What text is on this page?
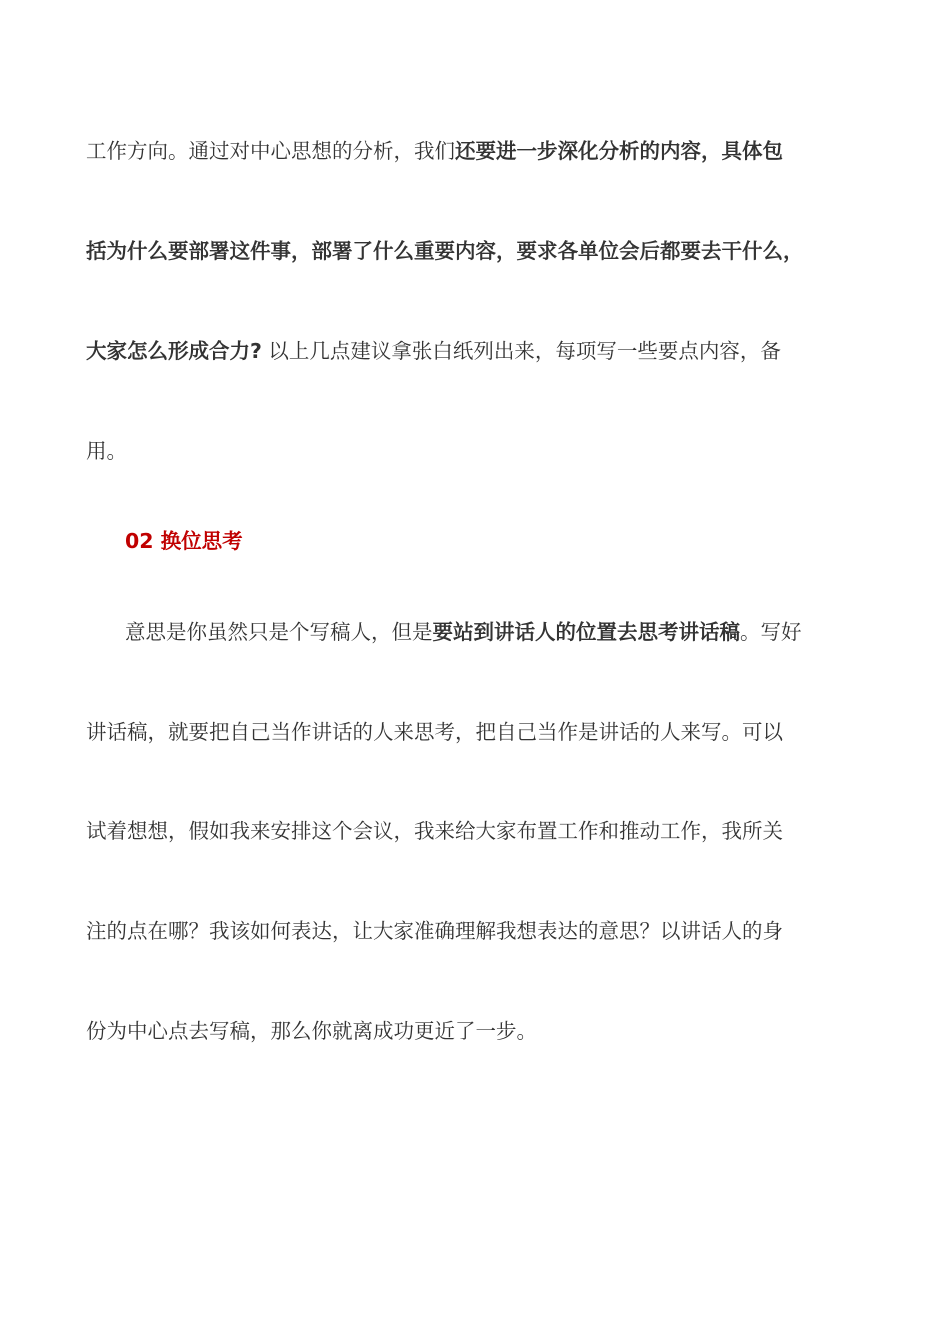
工作方向。通过对中心思想的分析，我们还要进一步深化分析的内容，具体包
括为什么要部署这件事，部署了什么重要内容，要求各单位会后都要去干什么，
大家怎么形成合力? 以上几点建议拿张白纸列出来，每项写一些要点内容，备
用。
02 换位思考
意思是你虽然只是个写稿人，但是要站到讲话人的位置去思考讲话稿。写好
讲话稿，就要把自己当作讲话的人来思考，把自己当作是讲话的人来写。可以
试着想想，假如我来安排这个会议，我来给大家布置工作和推动工作，我所关
注的点在哪？我该如何表达，让大家准确理解我想表达的意思？以讲话人的身
份为中心点去写稿，那么你就离成功更近了一步。
